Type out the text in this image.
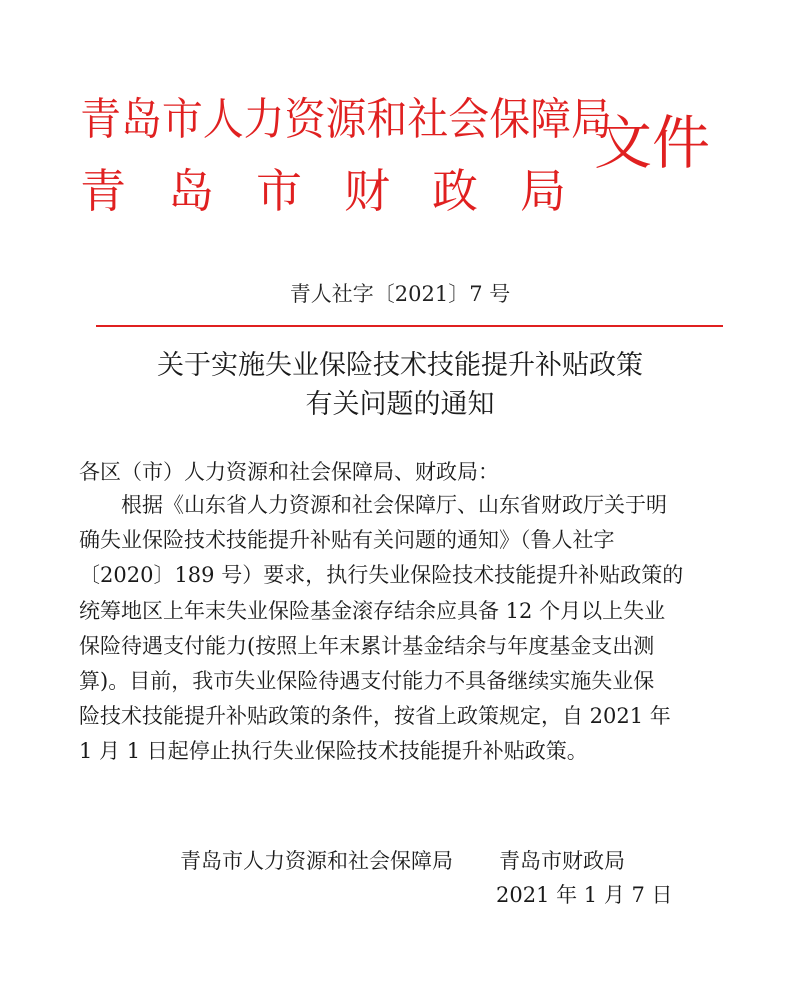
青岛市人力资源和社会保障局
青岛市财政局
文件
青人社字〔2021〕7 号
关于实施失业保险技术技能提升补贴政策
有关问题的通知
各区（市）人力资源和社会保障局、财政局：
　　根据《山东省人力资源和社会保障厅、山东省财政厅关于明
确失业保险技术技能提升补贴有关问题的通知》（鲁人社字
〔2020〕189 号）要求，执行失业保险技术技能提升补贴政策的
统筹地区上年末失业保险基金滚存结余应具备 12 个月以上失业
保险待遇支付能力(按照上年末累计基金结余与年度基金支出测
算)。目前，我市失业保险待遇支付能力不具备继续实施失业保
险技术技能提升补贴政策的条件，按省上政策规定，自 2021 年
1 月 1 日起停止执行失业保险技术技能提升补贴政策。
青岛市人力资源和社会保障局 青岛市财政局
2021 年 1 月 7 日
